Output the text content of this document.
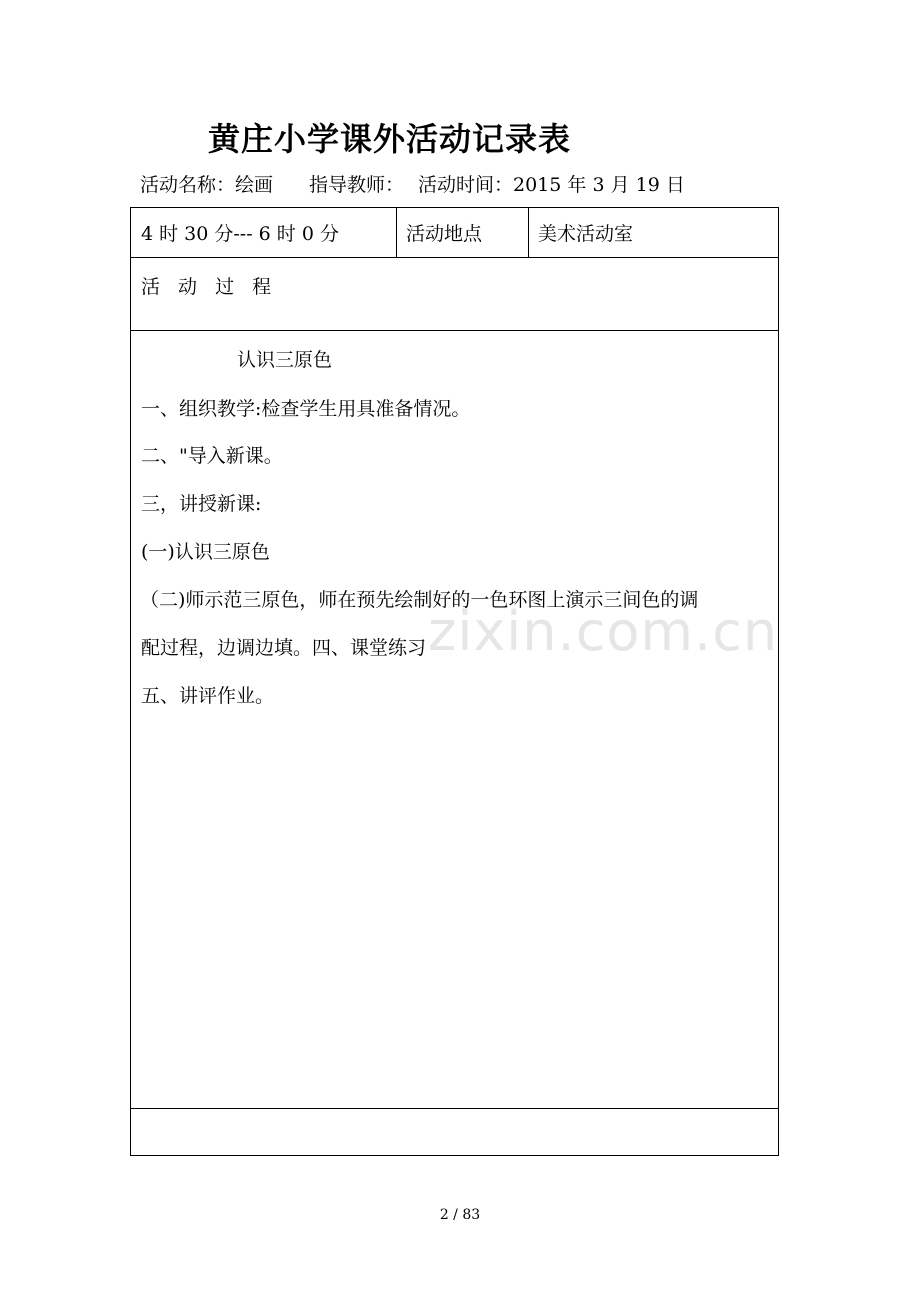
黄庄小学课外活动记录表
活动名称：绘画 指导教师： 活动时间：2015 年 3 月 19 日
4 时 30 分--- 6 时 0 分	活动地点	美术活动室
活 动 过 程
认识三原色
一、组织教学:检查学生用具准备情况。
二、"导入新课。
三，讲授新课:
(一)认识三原色
（二)师示范三原色，师在预先绘制好的一色环图上演示三间色的调
配过程，边调边填。四、课堂练习
五、讲评作业。
zixin.com.cn
2 / 83
